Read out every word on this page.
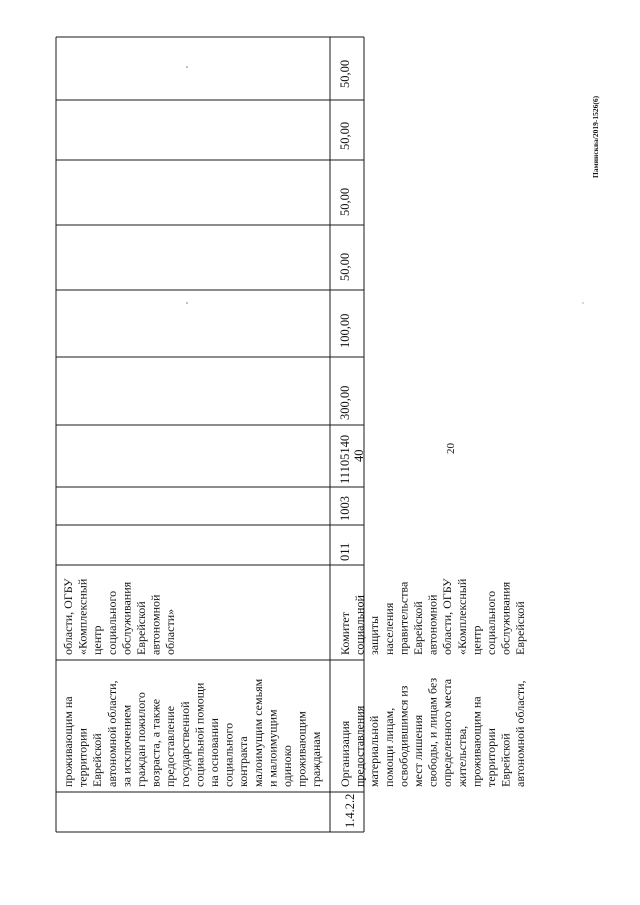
проживающим на территории Еврейской автономной области, за исключением граждан пожилого возраста, а также предоставление государственной социальной помощи на основании социального контракта малоимущим семьям и малоимущим одиноко проживающим гражданам
области, ОГБУ «Комплексный центр социального обслуживания Еврейской автономной области»
1.4.2.2
Организация предоставления материальной помощи лицам, освободившимся из мест лишения свободы, и лицам без определенного места жительства, проживающим на территории Еврейской автономной области,
Комитет социальной защиты населения правительства Еврейской автономной области, ОГБУ «Комплексный центр социального обслуживания Еврейской
011
1003
11105140 40
300,00
100,00
50,00
50,00
50,00
50,00
20
Паминсква/2019-1526(6)
